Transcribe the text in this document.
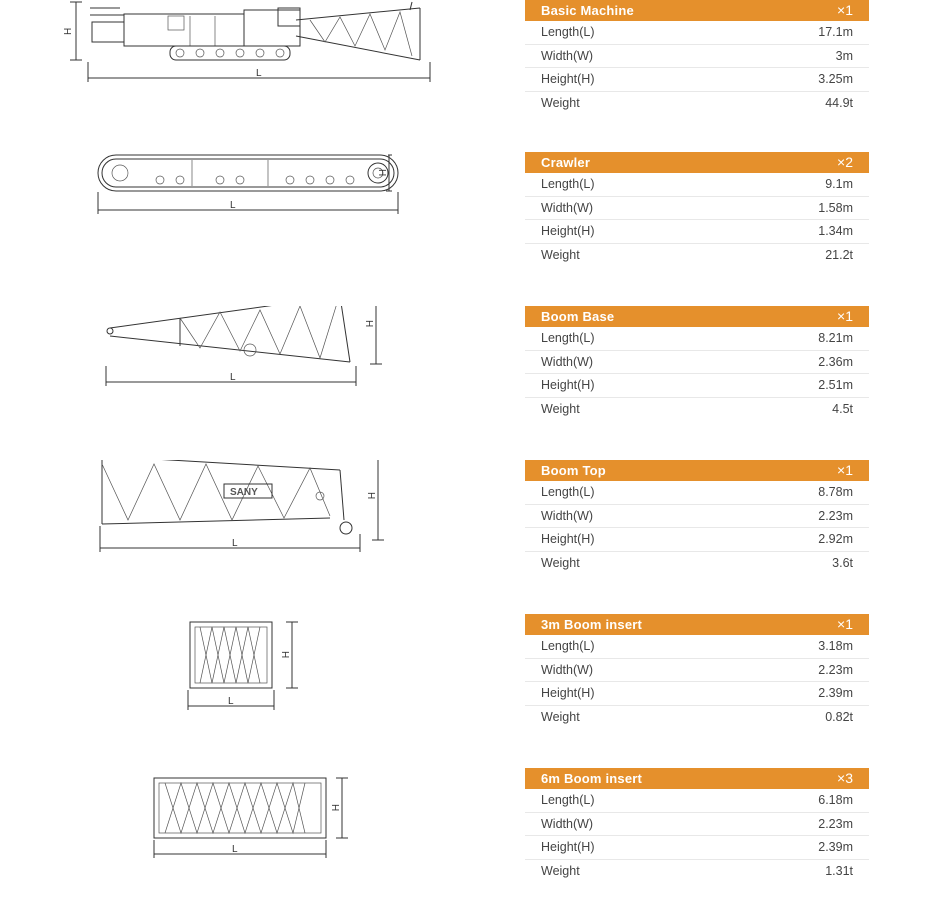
H
L
Basic Machine	×1
Length(L)	17.1m
Width(W)	3m
Height(H)	3.25m
Weight	44.9t
H
L
Crawler	×2
Length(L)	9.1m
Width(W)	1.58m
Height(H)	1.34m
Weight	21.2t
H
L
Boom Base	×1
Length(L)	8.21m
Width(W)	2.36m
Height(H)	2.51m
Weight	4.5t
SANY	H
L
Boom Top	×1
Length(L)	8.78m
Width(W)	2.23m
Height(H)	2.92m
Weight	3.6t
H
L
3m Boom insert	×1
Length(L)	3.18m
Width(W)	2.23m
Height(H)	2.39m
Weight	0.82t
H
L
6m Boom insert	×3
Length(L)	6.18m
Width(W)	2.23m
Height(H)	2.39m
Weight	1.31t
